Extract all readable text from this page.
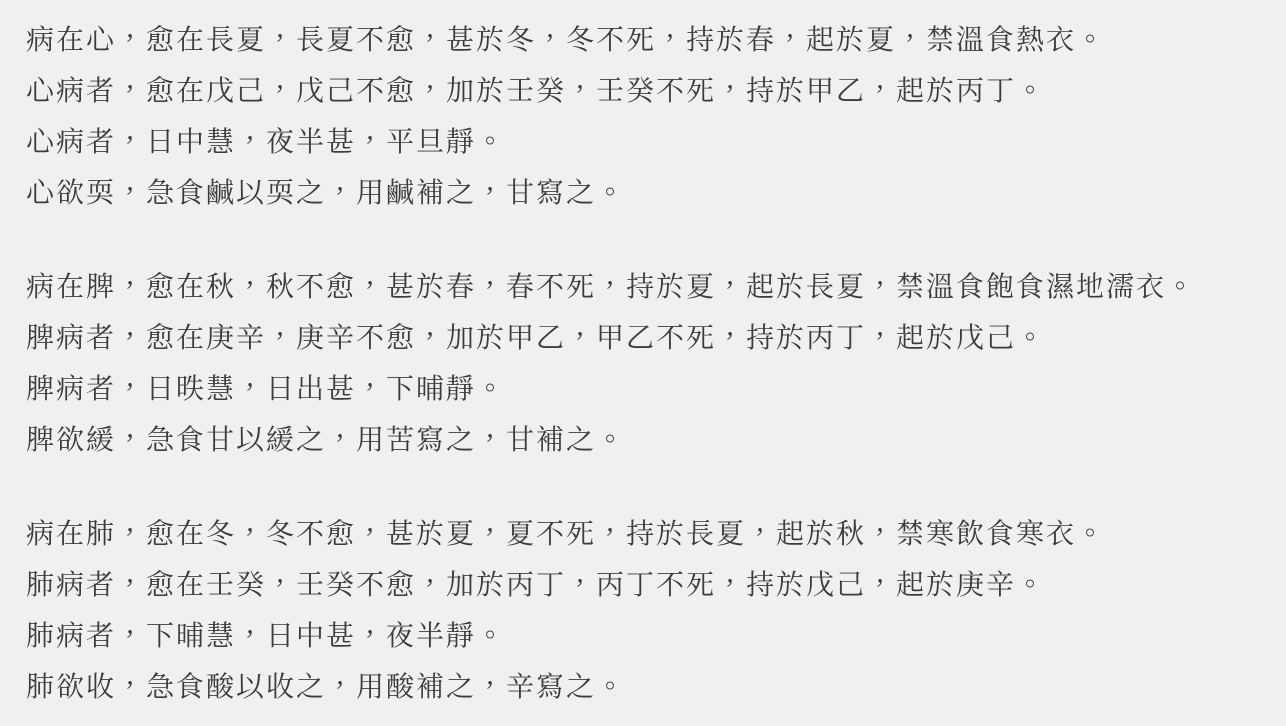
病在心，愈在長夏，長夏不愈，甚於冬，冬不死，持於春，起於夏，禁溫食熱衣。
心病者，愈在戊己，戊己不愈，加於壬癸，壬癸不死，持於甲乙，起於丙丁。
心病者，日中慧，夜半甚，平旦靜。
心欲耎，急食鹹以耎之，用鹹補之，甘寫之。
病在脾，愈在秋，秋不愈，甚於春，春不死，持於夏，起於長夏，禁溫食飽食濕地濡衣。
脾病者，愈在庚辛，庚辛不愈，加於甲乙，甲乙不死，持於丙丁，起於戊己。
脾病者，日昳慧，日出甚，下晡靜。
脾欲緩，急食甘以緩之，用苦寫之，甘補之。
病在肺，愈在冬，冬不愈，甚於夏，夏不死，持於長夏，起於秋，禁寒飲食寒衣。
肺病者，愈在壬癸，壬癸不愈，加於丙丁，丙丁不死，持於戊己，起於庚辛。
肺病者，下晡慧，日中甚，夜半靜。
肺欲收，急食酸以收之，用酸補之，辛寫之。
